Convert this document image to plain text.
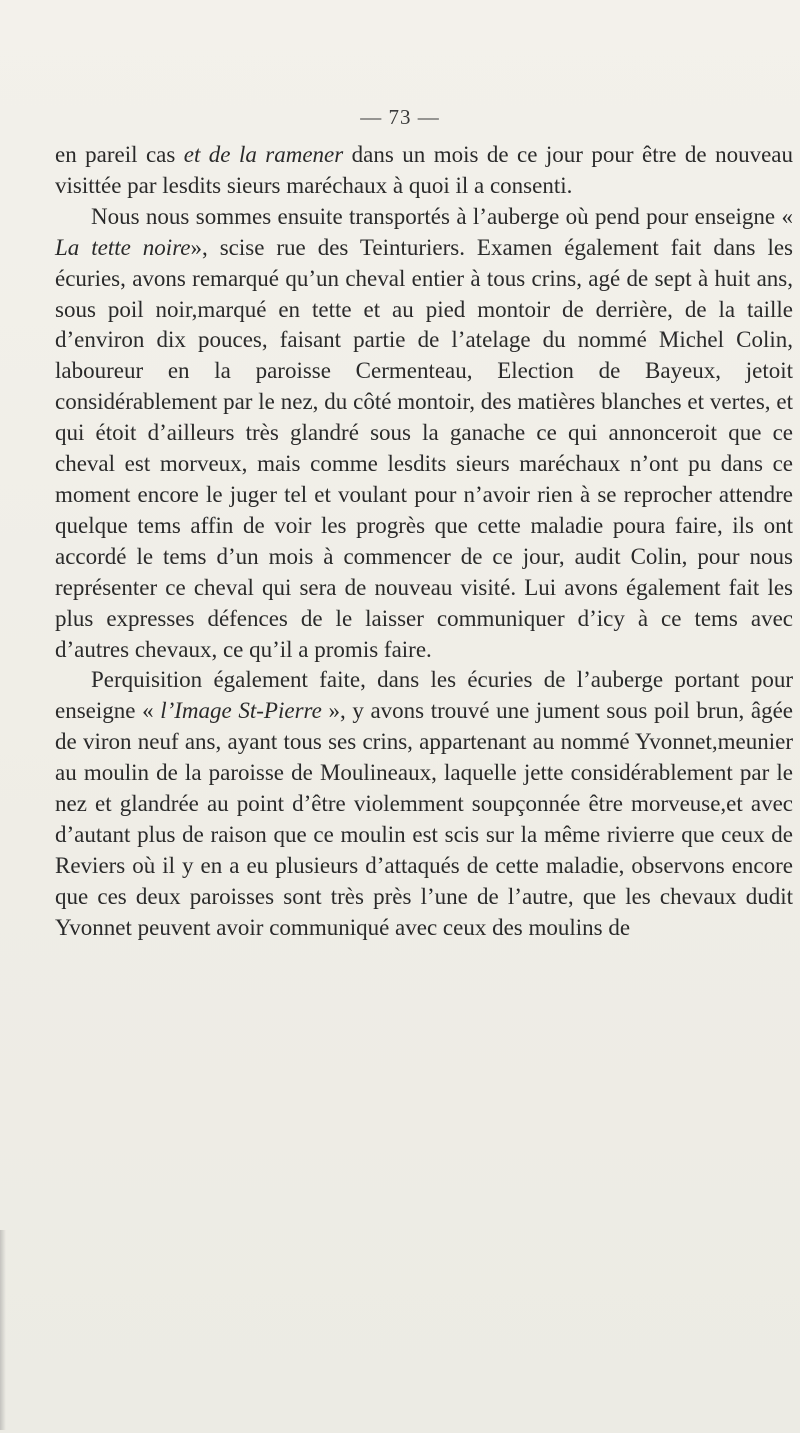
— 73 —

en pareil cas et de la ramener dans un mois de ce jour pour être de nouveau visittée par lesdits sieurs maréchaux à quoi il a consenti.

Nous nous sommes ensuite transportés à l’auberge où pend pour enseigne « La tette noire», scise rue des Teinturiers. Examen également fait dans les écuries, avons remarqué qu’un cheval entier à tous crins, agé de sept à huit ans, sous poil noir,marqué en tette et au pied montoir de derrière, de la taille d’environ dix pouces, faisant partie de l’atelage du nommé Michel Colin, laboureur en la paroisse Cermenteau, Election de Bayeux, jetoit considérablement par le nez, du côté montoir, des matières blanches et vertes, et qui étoit d’ailleurs très glandré sous la ganache ce qui annonceroit que ce cheval est morveux, mais comme lesdits sieurs maréchaux n’ont pu dans ce moment encore le juger tel et voulant pour n’avoir rien à se reprocher attendre quelque tems affin de voir les progrès que cette maladie poura faire, ils ont accordé le tems d’un mois à commencer de ce jour, audit Colin, pour nous représenter ce cheval qui sera de nouveau visité. Lui avons également fait les plus expresses défences de le laisser communiquer d’icy à ce tems avec d’autres chevaux, ce qu’il a promis faire.

Perquisition également faite, dans les écuries de l’auberge portant pour enseigne « l’Image St-Pierre », y avons trouvé une jument sous poil brun, âgée de viron neuf ans, ayant tous ses crins, appartenant au nommé Yvonnet,meunier au moulin de la paroisse de Moulineaux, laquelle jette considérablement par le nez et glandrée au point d’être violemment soupçonnée être morveuse,et avec d’autant plus de raison que ce moulin est scis sur la même rivierre que ceux de Reviers où il y en a eu plusieurs d’attaqués de cette maladie, observons encore que ces deux paroisses sont très près l’une de l’autre, que les chevaux dudit Yvonnet peuvent avoir communiqué avec ceux des moulins de
